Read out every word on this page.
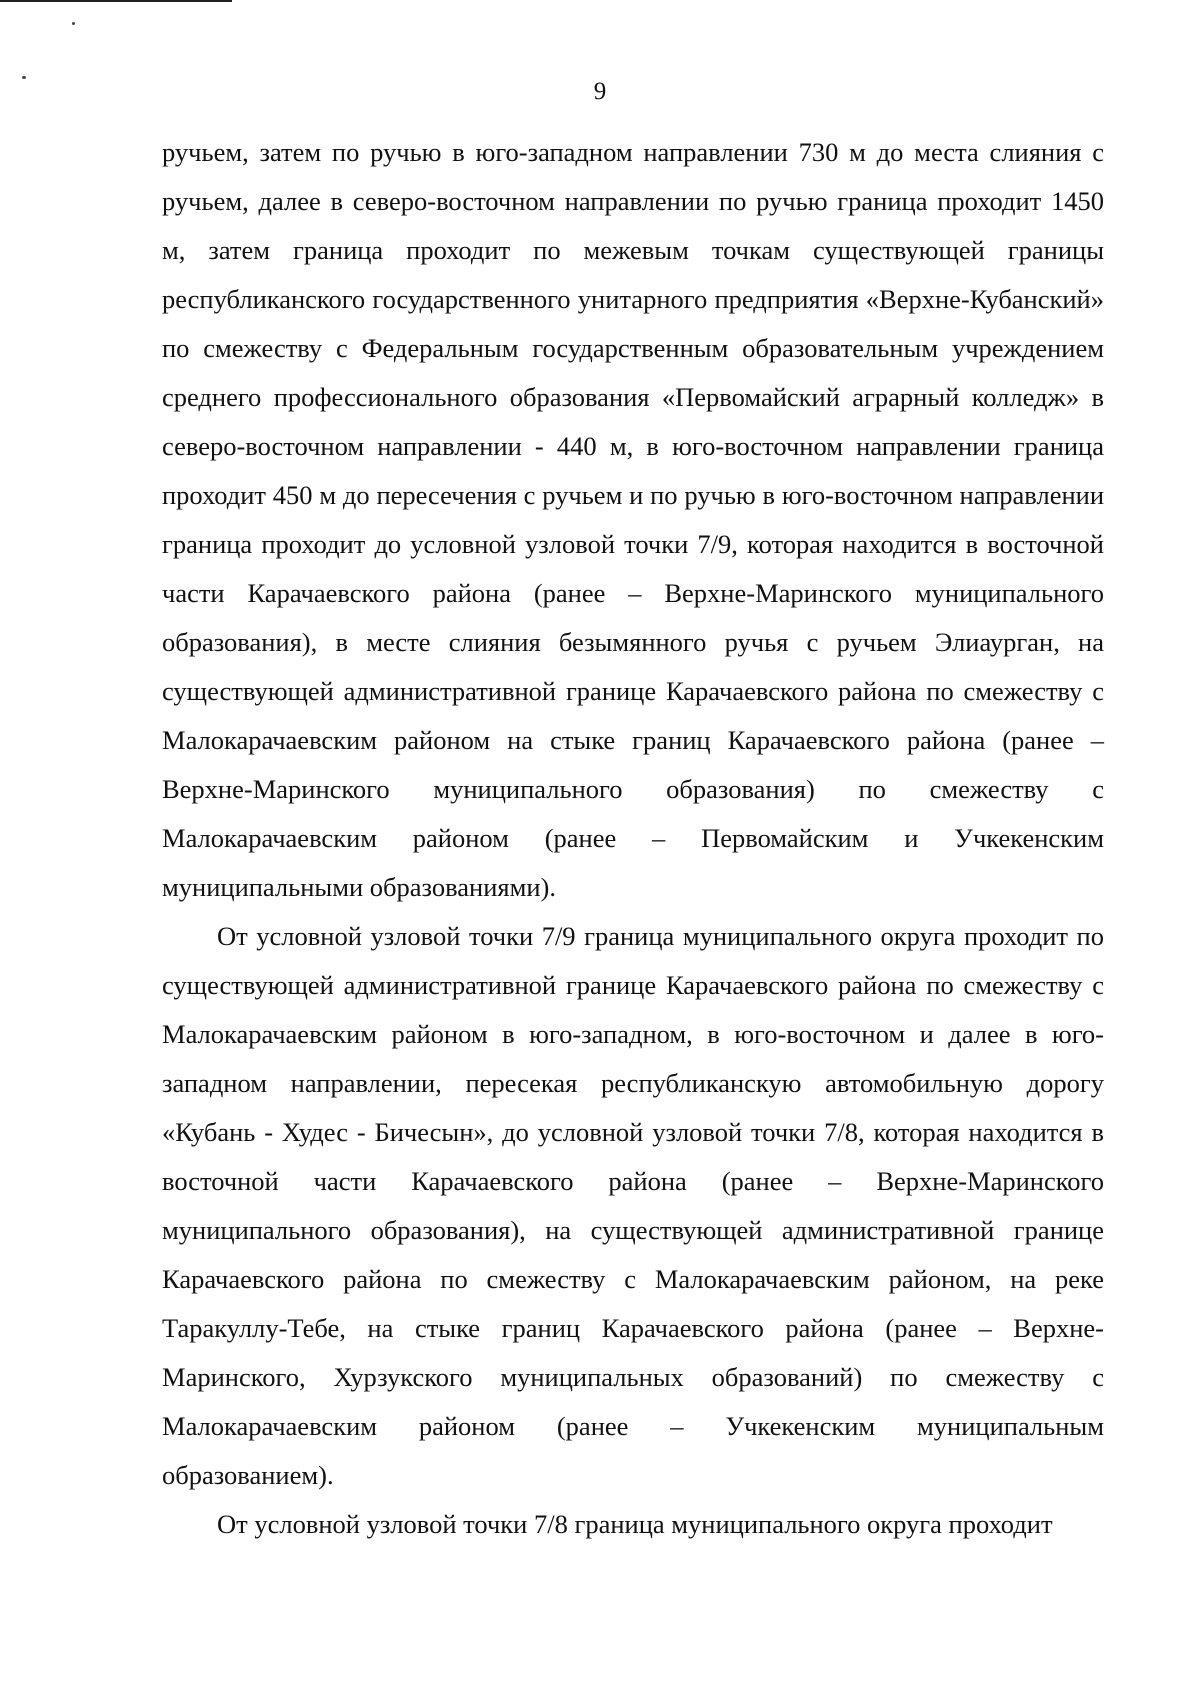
9

ручьем, затем по ручью в юго-западном направлении 730 м до места слияния с ручьем, далее в северо-восточном направлении по ручью граница проходит 1450 м, затем граница проходит по межевым точкам существующей границы республиканского государственного унитарного предприятия «Верхне-Кубанский» по смежеству с Федеральным государственным образовательным учреждением среднего профессионального образования «Первомайский аграрный колледж» в северо-восточном направлении - 440 м, в юго-восточном направлении граница проходит 450 м до пересечения с ручьем и по ручью в юго-восточном направлении граница проходит до условной узловой точки 7/9, которая находится в восточной части Карачаевского района (ранее – Верхне-Маринского муниципального образования), в месте слияния безымянного ручья с ручьем Элиаурган, на существующей административной границе Карачаевского района по смежеству с Малокарачаевским районом на стыке границ Карачаевского района (ранее – Верхне-Маринского муниципального образования) по смежеству с Малокарачаевским районом (ранее – Первомайским и Учкекенским муниципальными образованиями).

От условной узловой точки 7/9 граница муниципального округа проходит по существующей административной границе Карачаевского района по смежеству с Малокарачаевским районом в юго-западном, в юго-восточном и далее в юго-западном направлении, пересекая республиканскую автомобильную дорогу «Кубань - Худес - Бичесын», до условной узловой точки 7/8, которая находится в восточной части Карачаевского района (ранее – Верхне-Маринского муниципального образования), на существующей административной границе Карачаевского района по смежеству с Малокарачаевским районом, на реке Таракуллу-Тебе, на стыке границ Карачаевского района (ранее – Верхне-Маринского, Хурзукского муниципальных образований) по смежеству с Малокарачаевским районом (ранее – Учкекенским муниципальным образованием).

От условной узловой точки 7/8 граница муниципального округа проходит
